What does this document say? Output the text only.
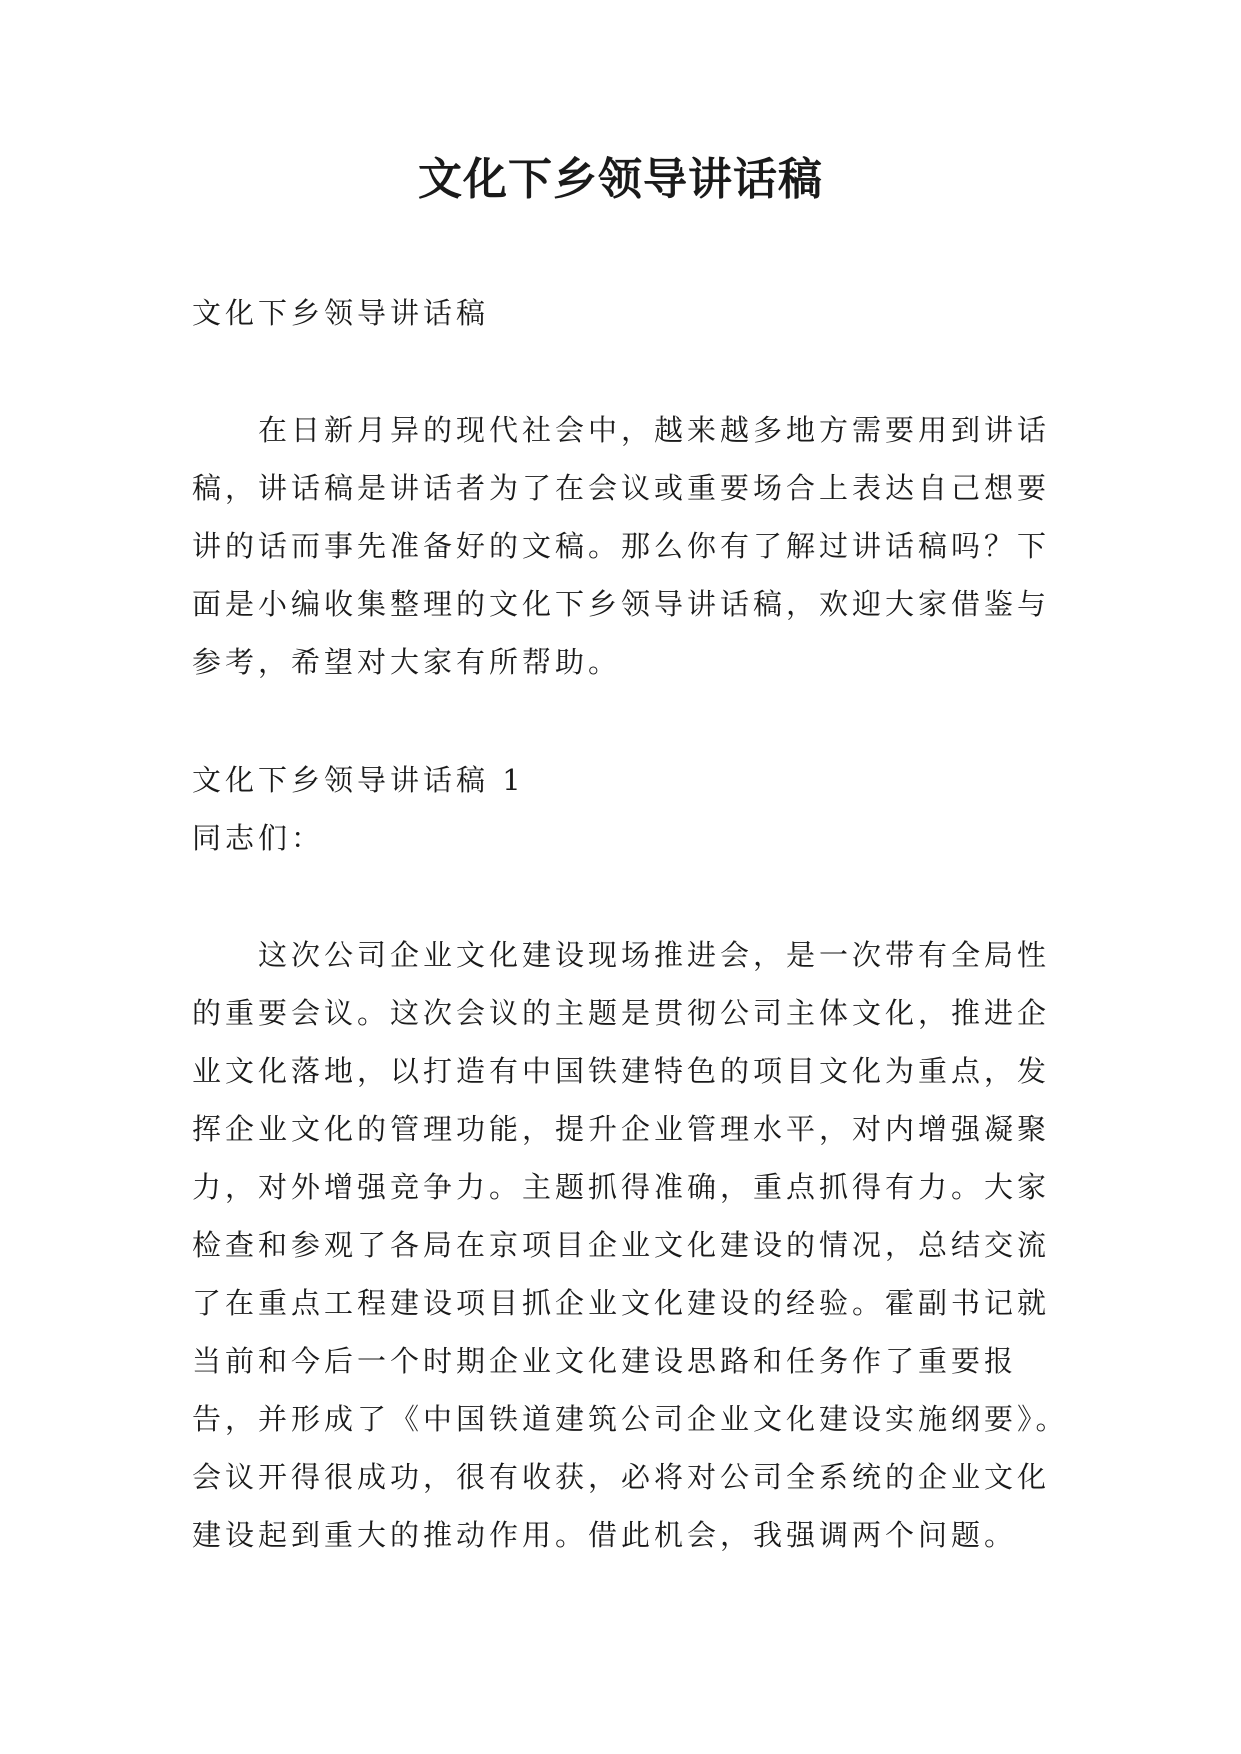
文化下乡领导讲话稿

文化下乡领导讲话稿

在日新月异的现代社会中，越来越多地方需要用到讲话
稿，讲话稿是讲话者为了在会议或重要场合上表达自己想要
讲的话而事先准备好的文稿。那么你有了解过讲话稿吗？下
面是小编收集整理的文化下乡领导讲话稿，欢迎大家借鉴与
参考，希望对大家有所帮助。
文化下乡领导讲话稿 1
同志们：
这次公司企业文化建设现场推进会，是一次带有全局性
的重要会议。这次会议的主题是贯彻公司主体文化，推进企
业文化落地，以打造有中国铁建特色的项目文化为重点，发
挥企业文化的管理功能，提升企业管理水平，对内增强凝聚
力，对外增强竞争力。主题抓得准确，重点抓得有力。大家
检查和参观了各局在京项目企业文化建设的情况，总结交流
了在重点工程建设项目抓企业文化建设的经验。霍副书记就
当前和今后一个时期企业文化建设思路和任务作了重要报
告，并形成了《中国铁道建筑公司企业文化建设实施纲要》。
会议开得很成功，很有收获，必将对公司全系统的企业文化
建设起到重大的推动作用。借此机会，我强调两个问题。
